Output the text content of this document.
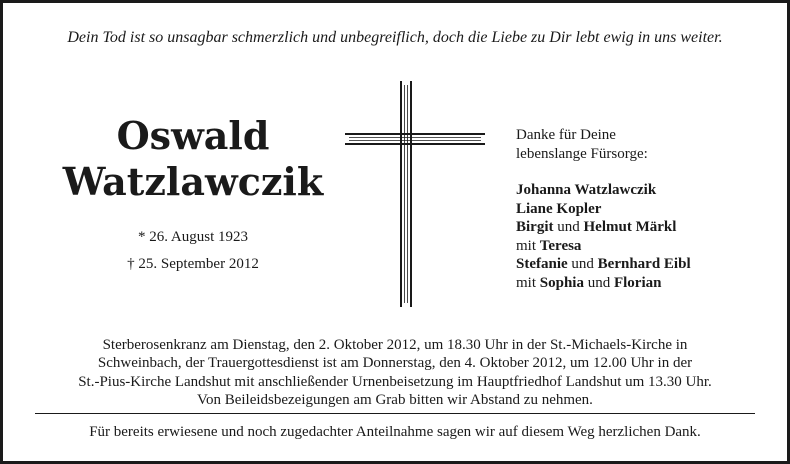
Dein Tod ist so unsagbar schmerzlich und unbegreiflich, doch die Liebe zu Dir lebt ewig in uns weiter.
Oswald
Watzlawczik
* 26. August 1923
† 25. September 2012
Danke für Deine
lebenslange Fürsorge:
Johanna Watzlawczik
Liane Kopler
Birgit und Helmut Märkl
mit Teresa
Stefanie und Bernhard Eibl
mit Sophia und Florian
Sterberosenkranz am Dienstag, den 2. Oktober 2012, um 18.30 Uhr in der St.-Michaels-Kirche in
Schweinbach, der Trauergottesdienst ist am Donnerstag, den 4. Oktober 2012, um 12.00 Uhr in der
St.-Pius-Kirche Landshut mit anschließender Urnenbeisetzung im Hauptfriedhof Landshut um 13.30 Uhr.
Von Beileidsbezeigungen am Grab bitten wir Abstand zu nehmen.
Für bereits erwiesene und noch zugedachter Anteilnahme sagen wir auf diesem Weg herzlichen Dank.
